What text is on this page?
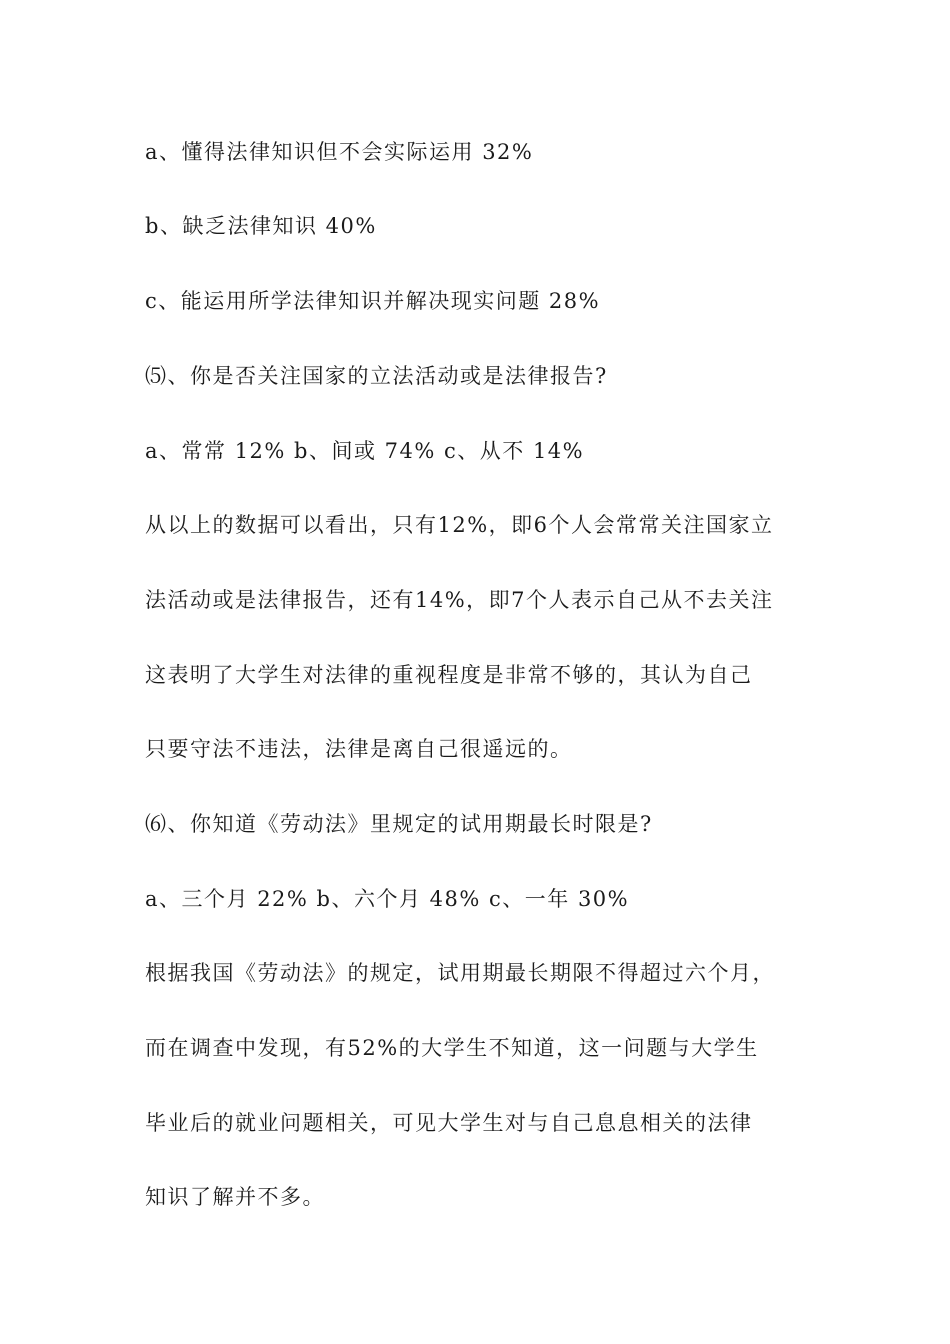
a、懂得法律知识但不会实际运用 32%
b、缺乏法律知识 40%
c、能运用所学法律知识并解决现实问题 28%
⑸、你是否关注国家的立法活动或是法律报告?
a、常常 12% b、间或 74% c、从不 14%
从以上的数据可以看出，只有12%，即6个人会常常关注国家立
法活动或是法律报告，还有14%，即7个人表示自己从不去关注
这表明了大学生对法律的重视程度是非常不够的，其认为自己
只要守法不违法，法律是离自己很遥远的。
⑹、你知道《劳动法》里规定的试用期最长时限是?
a、三个月 22% b、六个月 48% c、一年 30%
根据我国《劳动法》的规定，试用期最长期限不得超过六个月，
而在调查中发现，有52%的大学生不知道，这一问题与大学生
毕业后的就业问题相关，可见大学生对与自己息息相关的法律
知识了解并不多。
